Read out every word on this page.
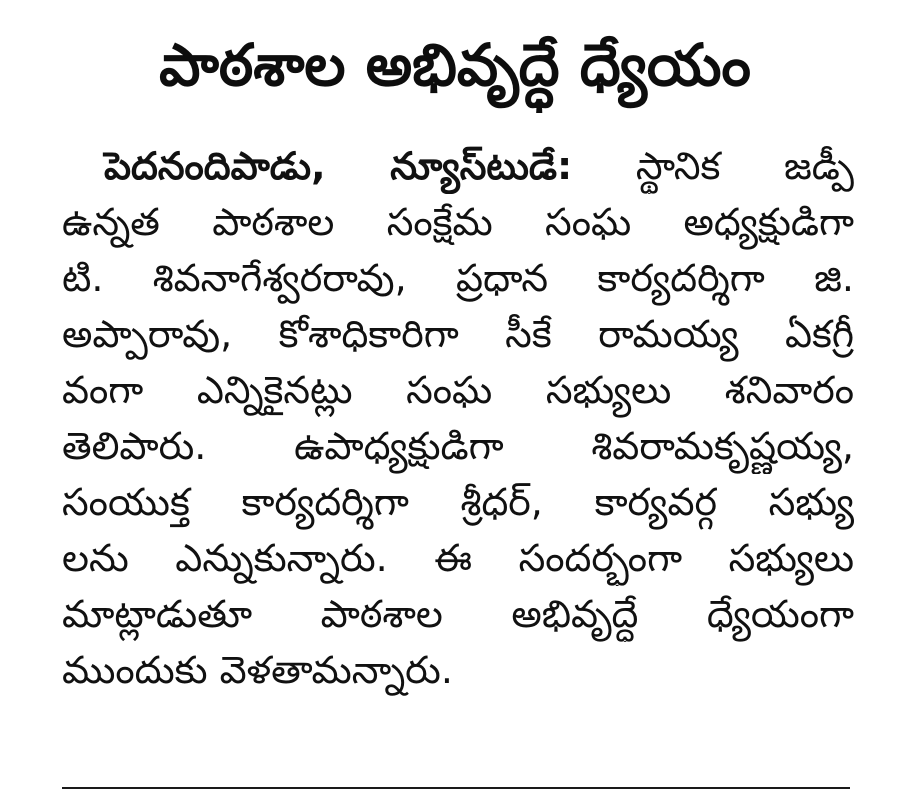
పాఠశాల అభివృద్ధే ధ్యేయం
పెదనందిపాడు, న్యూస్‌టుడే: స్థానిక జడ్పీ
ఉన్నత పాఠశాల సంక్షేమ సంఘ అధ్యక్షుడిగా
టి. శివనాగేశ్వరరావు, ప్రధాన కార్యదర్శిగా జి.
అప్పారావు, కోశాధికారిగా సీకే రామయ్య ఏకగ్రీ
వంగా ఎన్నికైనట్లు సంఘ సభ్యులు శనివారం
తెలిపారు. ఉపాధ్యక్షుడిగా శివరామకృష్ణయ్య,
సంయుక్త కార్యదర్శిగా శ్రీధర్, కార్యవర్గ సభ్యు
లను ఎన్నుకున్నారు. ఈ సందర్భంగా సభ్యులు
మాట్లాడుతూ పాఠశాల అభివృద్ధే ధ్యేయంగా
ముందుకు వెళతామన్నారు.
